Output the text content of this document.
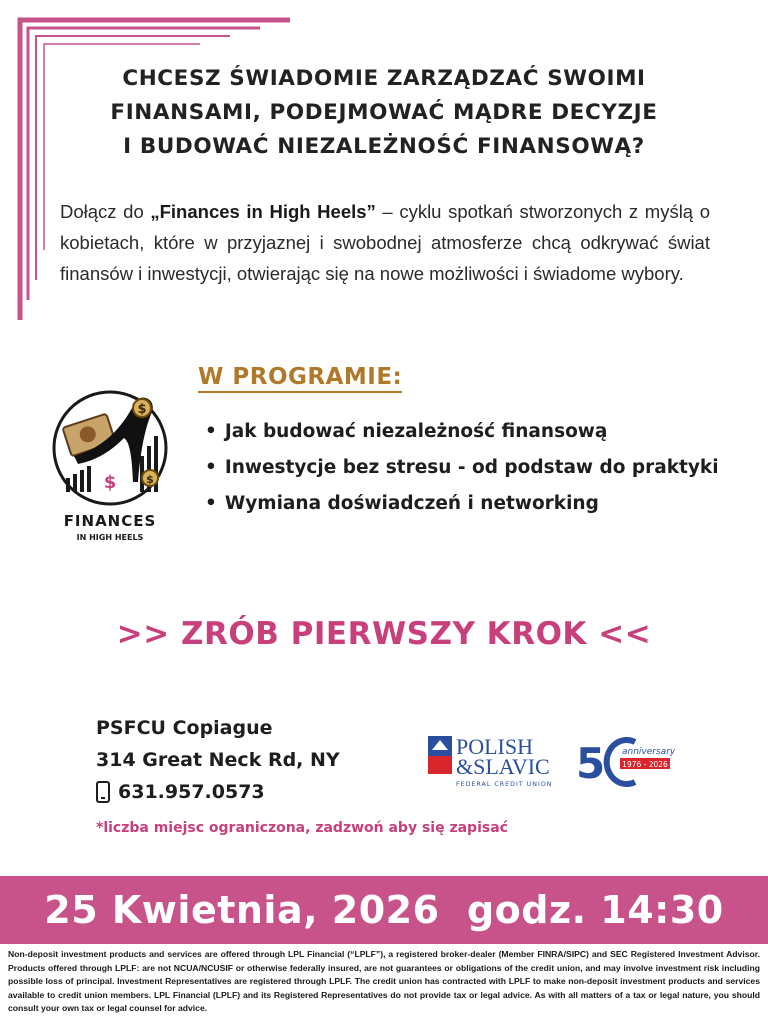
CHCESZ ŚWIADOMIE ZARZĄDZAĆ SWOIMI
FINANSAMI, PODEJMOWAĆ MĄDRE DECYZJE
I BUDOWAĆ NIEZALEŻNOŚĆ FINANSOWĄ?

Dołącz do „Finances in High Heels” – cyklu spotkań stworzonych z myślą o kobietach, które w przyjaznej i swobodnej atmosferze chcą odkrywać świat finansów i inwestycji, otwierając się na nowe możliwości i świadome wybory.

$
$
$
FINANCES
IN HIGH HEELS
W PROGRAMIE:
• Jak budować niezależność finansową
• Inwestycje bez stresu - od podstaw do praktyki
• Wymiana doświadczeń i networking
>> ZRÓB PIERWSZY KROK <<
PSFCU Copiague
314 Great Neck Rd, NY
631.957.0573
*liczba miejsc ograniczona, zadzwoń aby się zapisać
POLISH
&SLAVIC
FEDERAL CREDIT UNION 5 anniversary
1976 - 2026
25 Kwietnia, 2026  godz. 14:30

Non-deposit investment products and services are offered through LPL Financial (“LPLF”), a registered broker-dealer (Member FINRA/SIPC) and SEC Registered Investment Advisor. Products offered through LPLF: are not NCUA/NCUSIF or otherwise federally insured, are not guarantees or obligations of the credit union, and may involve investment risk including possible loss of principal. Investment Representatives are registered through LPLF. The credit union has contracted with LPLF to make non-deposit investment products and services available to credit union members. LPL Financial (LPLF) and its Registered Representatives do not provide tax or legal advice. As with all matters of a tax or legal nature, you should consult your own tax or legal counsel for advice.
